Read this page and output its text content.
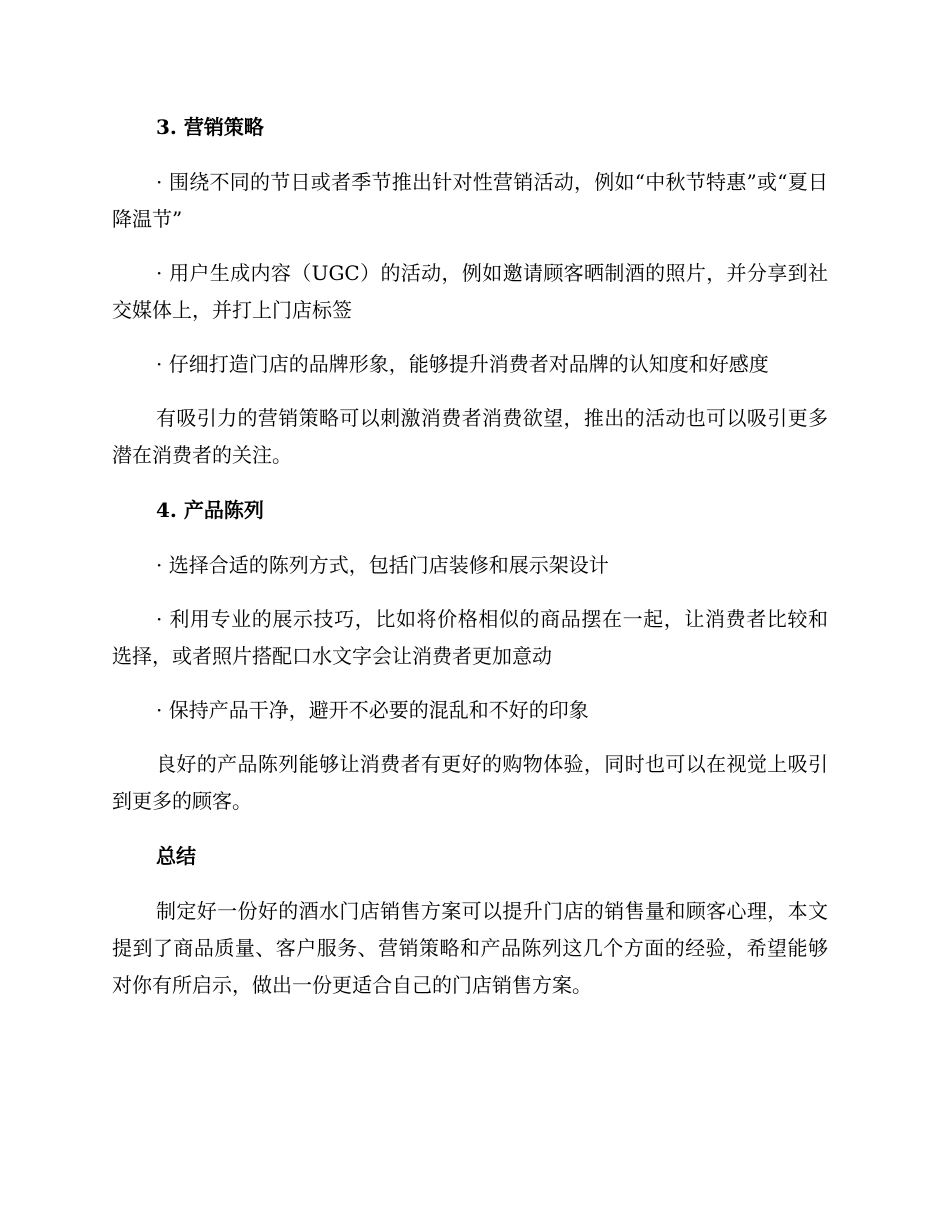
3. 营销策略

· 围绕不同的节日或者季节推出针对性营销活动，例如“中秋节特惠”或“夏日降温节”

· 用户生成内容（UGC）的活动，例如邀请顾客晒制酒的照片，并分享到社交媒体上，并打上门店标签

· 仔细打造门店的品牌形象，能够提升消费者对品牌的认知度和好感度

有吸引力的营销策略可以刺激消费者消费欲望，推出的活动也可以吸引更多潜在消费者的关注。

4. 产品陈列

· 选择合适的陈列方式，包括门店装修和展示架设计

· 利用专业的展示技巧，比如将价格相似的商品摆在一起，让消费者比较和选择，或者照片搭配口水文字会让消费者更加意动

· 保持产品干净，避开不必要的混乱和不好的印象

良好的产品陈列能够让消费者有更好的购物体验，同时也可以在视觉上吸引到更多的顾客。

总结

制定好一份好的酒水门店销售方案可以提升门店的销售量和顾客心理，本文提到了商品质量、客户服务、营销策略和产品陈列这几个方面的经验，希望能够对你有所启示，做出一份更适合自己的门店销售方案。
